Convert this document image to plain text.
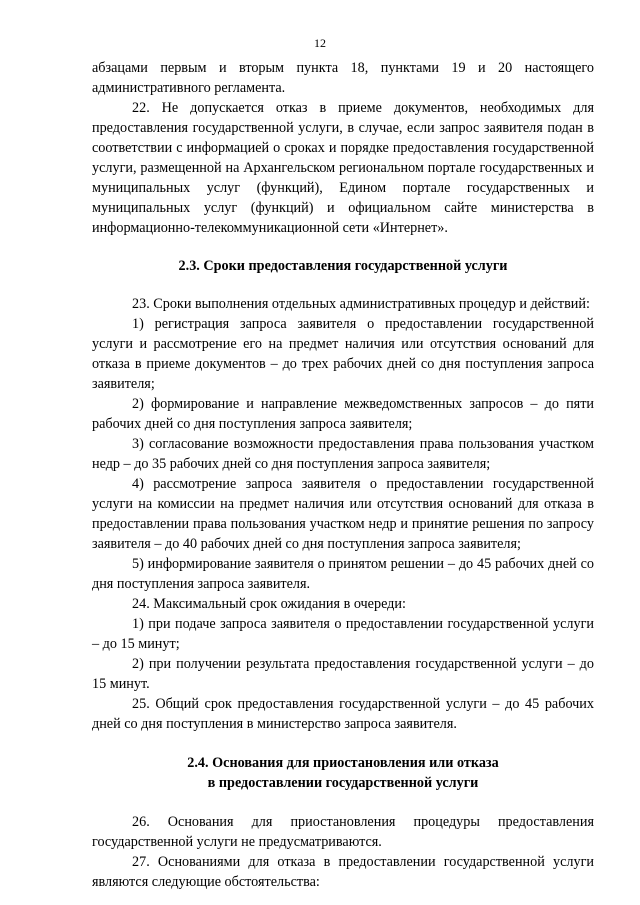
12

абзацами первым и вторым пункта 18, пунктами 19 и 20 настоящего административного регламента.

22. Не допускается отказ в приеме документов, необходимых для предоставления государственной услуги, в случае, если запрос заявителя подан в соответствии с информацией о сроках и порядке предоставления государственной услуги, размещенной на Архангельском региональном портале государственных и муниципальных услуг (функций), Едином портале государственных и муниципальных услуг (функций) и официальном сайте министерства в информационно-телекоммуникационной сети «Интернет».

2.3. Сроки предоставления государственной услуги

23. Сроки выполнения отдельных административных процедур и действий:

1) регистрация запроса заявителя о предоставлении государственной услуги и рассмотрение его на предмет наличия или отсутствия оснований для отказа в приеме документов – до трех рабочих дней со дня поступления запроса заявителя;

2) формирование и направление межведомственных запросов – до пяти рабочих дней со дня поступления запроса заявителя;

3) согласование возможности предоставления права пользования участком недр – до 35 рабочих дней со дня поступления запроса заявителя;

4) рассмотрение запроса заявителя о предоставлении государственной услуги на комиссии на предмет наличия или отсутствия оснований для отказа в предоставлении права пользования участком недр и принятие решения по запросу заявителя – до 40 рабочих дней со дня поступления запроса заявителя;

5) информирование заявителя о принятом решении – до 45 рабочих дней со дня поступления запроса заявителя.

24. Максимальный срок ожидания в очереди:

1) при подаче запроса заявителя о предоставлении государственной услуги – до 15 минут;

2) при получении результата предоставления государственной услуги – до 15 минут.

25. Общий срок предоставления государственной услуги – до 45 рабочих дней со дня поступления в министерство запроса заявителя.

2.4. Основания для приостановления или отказа
в предоставлении государственной услуги

26. Основания для приостановления процедуры предоставления государственной услуги не предусматриваются.

27. Основаниями для отказа в предоставлении государственной услуги являются следующие обстоятельства:
